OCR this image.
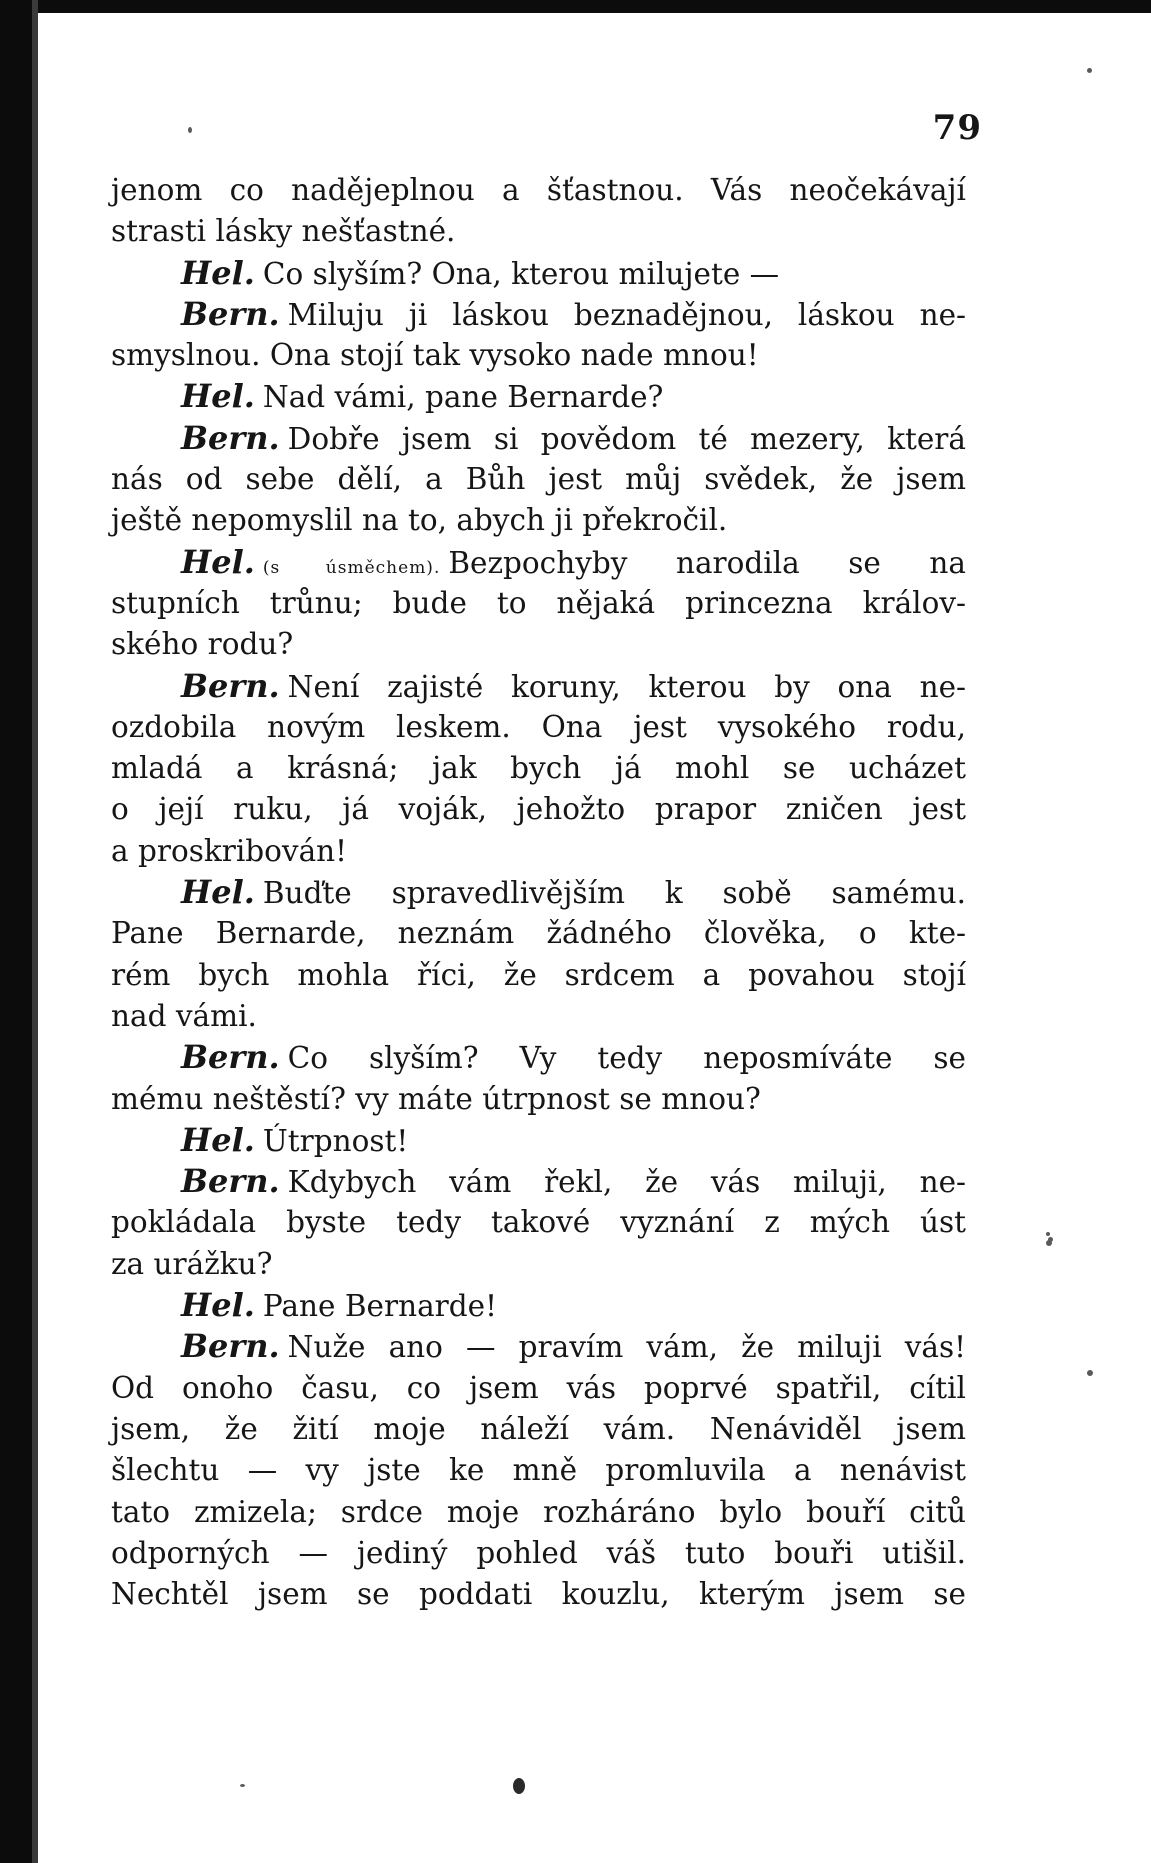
79
jenom co nadějeplnou a šťastnou. Vás neočekávají
strasti lásky nešťastné.
Hel. Co slyším? Ona, kterou milujete —
Bern. Miluju ji láskou beznadějnou, láskou ne-
smyslnou. Ona stojí tak vysoko nade mnou!
Hel. Nad vámi, pane Bernarde?
Bern. Dobře jsem si povědom té mezery, která
nás od sebe dělí, a Bůh jest můj svědek, že jsem
ještě nepomyslil na to, abych ji překročil.
Hel. (s úsměchem). Bezpochyby narodila se na
stupních trůnu; bude to nějaká princezna králov-
ského rodu?
Bern. Není zajisté koruny, kterou by ona ne-
ozdobila novým leskem. Ona jest vysokého rodu,
mladá a krásná; jak bych já mohl se ucházet
o její ruku, já voják, jehožto prapor zničen jest
a proskribován!
Hel. Buďte spravedlivějším k sobě samému.
Pane Bernarde, neznám žádného člověka, o kte-
rém bych mohla říci, že srdcem a povahou stojí
nad vámi.
Bern. Co slyším? Vy tedy neposmíváte se
mému neštěstí? vy máte útrpnost se mnou?
Hel. Útrpnost!
Bern. Kdybych vám řekl, že vás miluji, ne-
pokládala byste tedy takové vyznání z mých úst
za urážku?
Hel. Pane Bernarde!
Bern. Nuže ano — pravím vám, že miluji vás!
Od onoho času, co jsem vás poprvé spatřil, cítil
jsem, že žití moje náleží vám. Nenáviděl jsem
šlechtu — vy jste ke mně promluvila a nenávist
tato zmizela; srdce moje rozháráno bylo bouří citů
odporných — jediný pohled váš tuto bouři utišil.
Nechtěl jsem se poddati kouzlu, kterým jsem se
